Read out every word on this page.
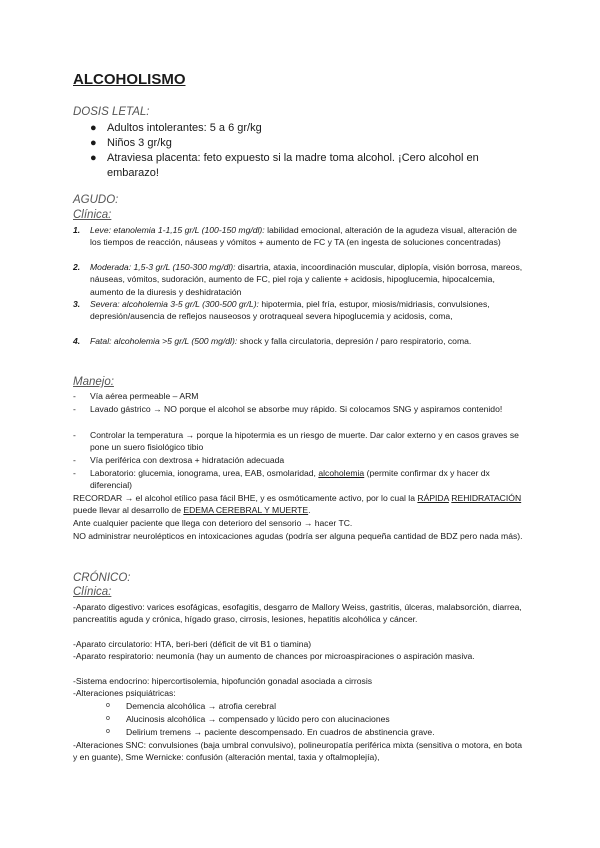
ALCOHOLISMO
DOSIS LETAL:
● Adultos intolerantes: 5 a 6 gr/kg
● Niños 3 gr/kg
● Atraviesa placenta: feto expuesto si la madre toma alcohol. ¡Cero alcohol en embarazo!
AGUDO:
Clínica:
1. Leve: etanolemia 1-1,15 gr/L (100-150 mg/dl): labilidad emocional, alteración de la agudeza visual, alteración de los tiempos de reacción, náuseas y vómitos + aumento de FC y TA (en ingesta de soluciones concentradas)
2. Moderada: 1,5-3 gr/L (150-300 mg/dl): disartria, ataxia, incoordinación muscular, diplopía, visión borrosa, mareos, náuseas, vómitos, sudoración, aumento de FC, piel roja y caliente + acidosis, hipoglucemia, hipocalcemia, aumento de la diuresis y deshidratación
3. Severa: alcoholemia 3-5 gr/L (300-500 gr/L): hipotermia, piel fría, estupor, miosis/midriasis, convulsiones, depresión/ausencia de reflejos nauseosos y orotraqueal severa hipoglucemia y acidosis, coma,
4. Fatal: alcoholemia >5 gr/L (500 mg/dl): shock y falla circulatoria, depresión / paro respiratorio, coma.
Manejo:
- Vía aérea permeable – ARM
- Lavado gástrico → NO porque el alcohol se absorbe muy rápido. Si colocamos SNG y aspiramos contenido!
- Controlar la temperatura → porque la hipotermia es un riesgo de muerte. Dar calor externo y en casos graves se pone un suero fisiológico tibio
- Vía periférica con dextrosa + hidratación adecuada
- Laboratorio: glucemia, ionograma, urea, EAB, osmolaridad, alcoholemia (permite confirmar dx y hacer dx diferencial)
RECORDAR → el alcohol etílico pasa fácil BHE, y es osmóticamente activo, por lo cual la RÁPIDA REHIDRATACIÓN puede llevar al desarrollo de EDEMA CEREBRAL Y MUERTE.
Ante cualquier paciente que llega con deterioro del sensorio → hacer TC.
NO administrar neurolépticos en intoxicaciones agudas (podría ser alguna pequeña cantidad de BDZ pero nada más).
CRÓNICO:
Clínica:
-Aparato digestivo: varices esofágicas, esofagitis, desgarro de Mallory Weiss, gastritis, úlceras, malabsorción, diarrea, pancreatitis aguda y crónica, hígado graso, cirrosis, lesiones, hepatitis alcohólica y cáncer.
-Aparato circulatorio: HTA, beri-beri (déficit de vit B1 o tiamina)
-Aparato respiratorio: neumonía (hay un aumento de chances por microaspiraciones o aspiración masiva.
-Sistema endocrino: hipercortisolemia, hipofunción gonadal asociada a cirrosis
-Alteraciones psiquiátricas:
o Demencia alcohólica → atrofia cerebral
o Alucinosis alcohólica → compensado y lúcido pero con alucinaciones
o Delirium tremens → paciente descompensado. En cuadros de abstinencia grave.
-Alteraciones SNC: convulsiones (baja umbral convulsivo), polineuropatía periférica mixta (sensitiva o motora, en bota y en guante), Sme Wernicke: confusión (alteración mental, taxia y oftalmoplejía),
